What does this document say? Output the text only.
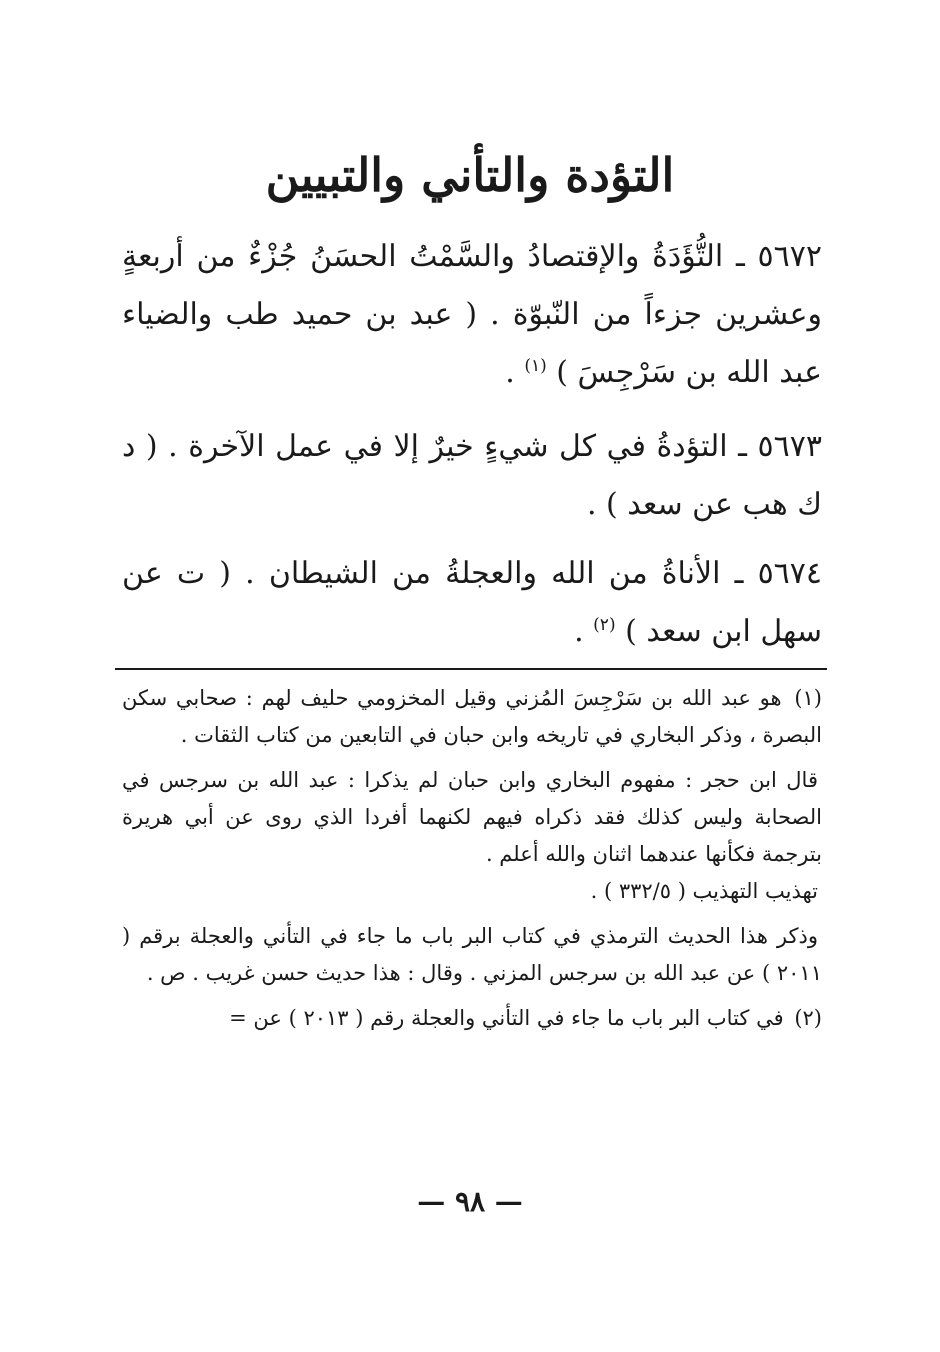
التؤدة والتأني والتبيين
٥٦٧٢ ـ التُّؤَدَةُ والإقتصادُ والسَّمْتُ الحسَنُ جُزْءٌ من أربعةٍ وعشرين جزءاً من النّبوّة . ( عبد بن حميد طب والضياء عبد الله بن سَرْجِسَ ) $^{(١)}$ .
٥٦٧٣ ـ التؤدةُ في كل شيءٍ خيرٌ إلا في عمل الآخرة . ( د ك هب عن سعد ) .
٥٦٧٤ ـ الأناةُ من الله والعجلةُ من الشيطان . ( ت عن سهل ابن سعد ) $^{(٢)}$ .

(١) هو عبد الله بن سَرْجِسَ المُزني وقيل المخزومي حليف لهم : صحابي سكن البصرة ، وذكر البخاري في تاريخه وابن حبان في التابعين من كتاب الثقات .

قال ابن حجر : مفهوم البخاري وابن حبان لم يذكرا : عبد الله بن سرجس في الصحابة وليس كذلك فقد ذكراه فيهم لكنهما أفردا الذي روى عن أبي هريرة بترجمة فكأنها عندهما اثنان والله أعلم .
تهذيب التهذيب ( ٣٣٢/٥ ) .

وذكر هذا الحديث الترمذي في كتاب البر باب ما جاء في التأني والعجلة برقم ( ٢٠١١ ) عن عبد الله بن سرجس المزني . وقال : هذا حديث حسن غريب . ص .

(٢) في كتاب البر باب ما جاء في التأني والعجلة رقم ( ٢٠١٣ ) عن =

— ٩٨ —
